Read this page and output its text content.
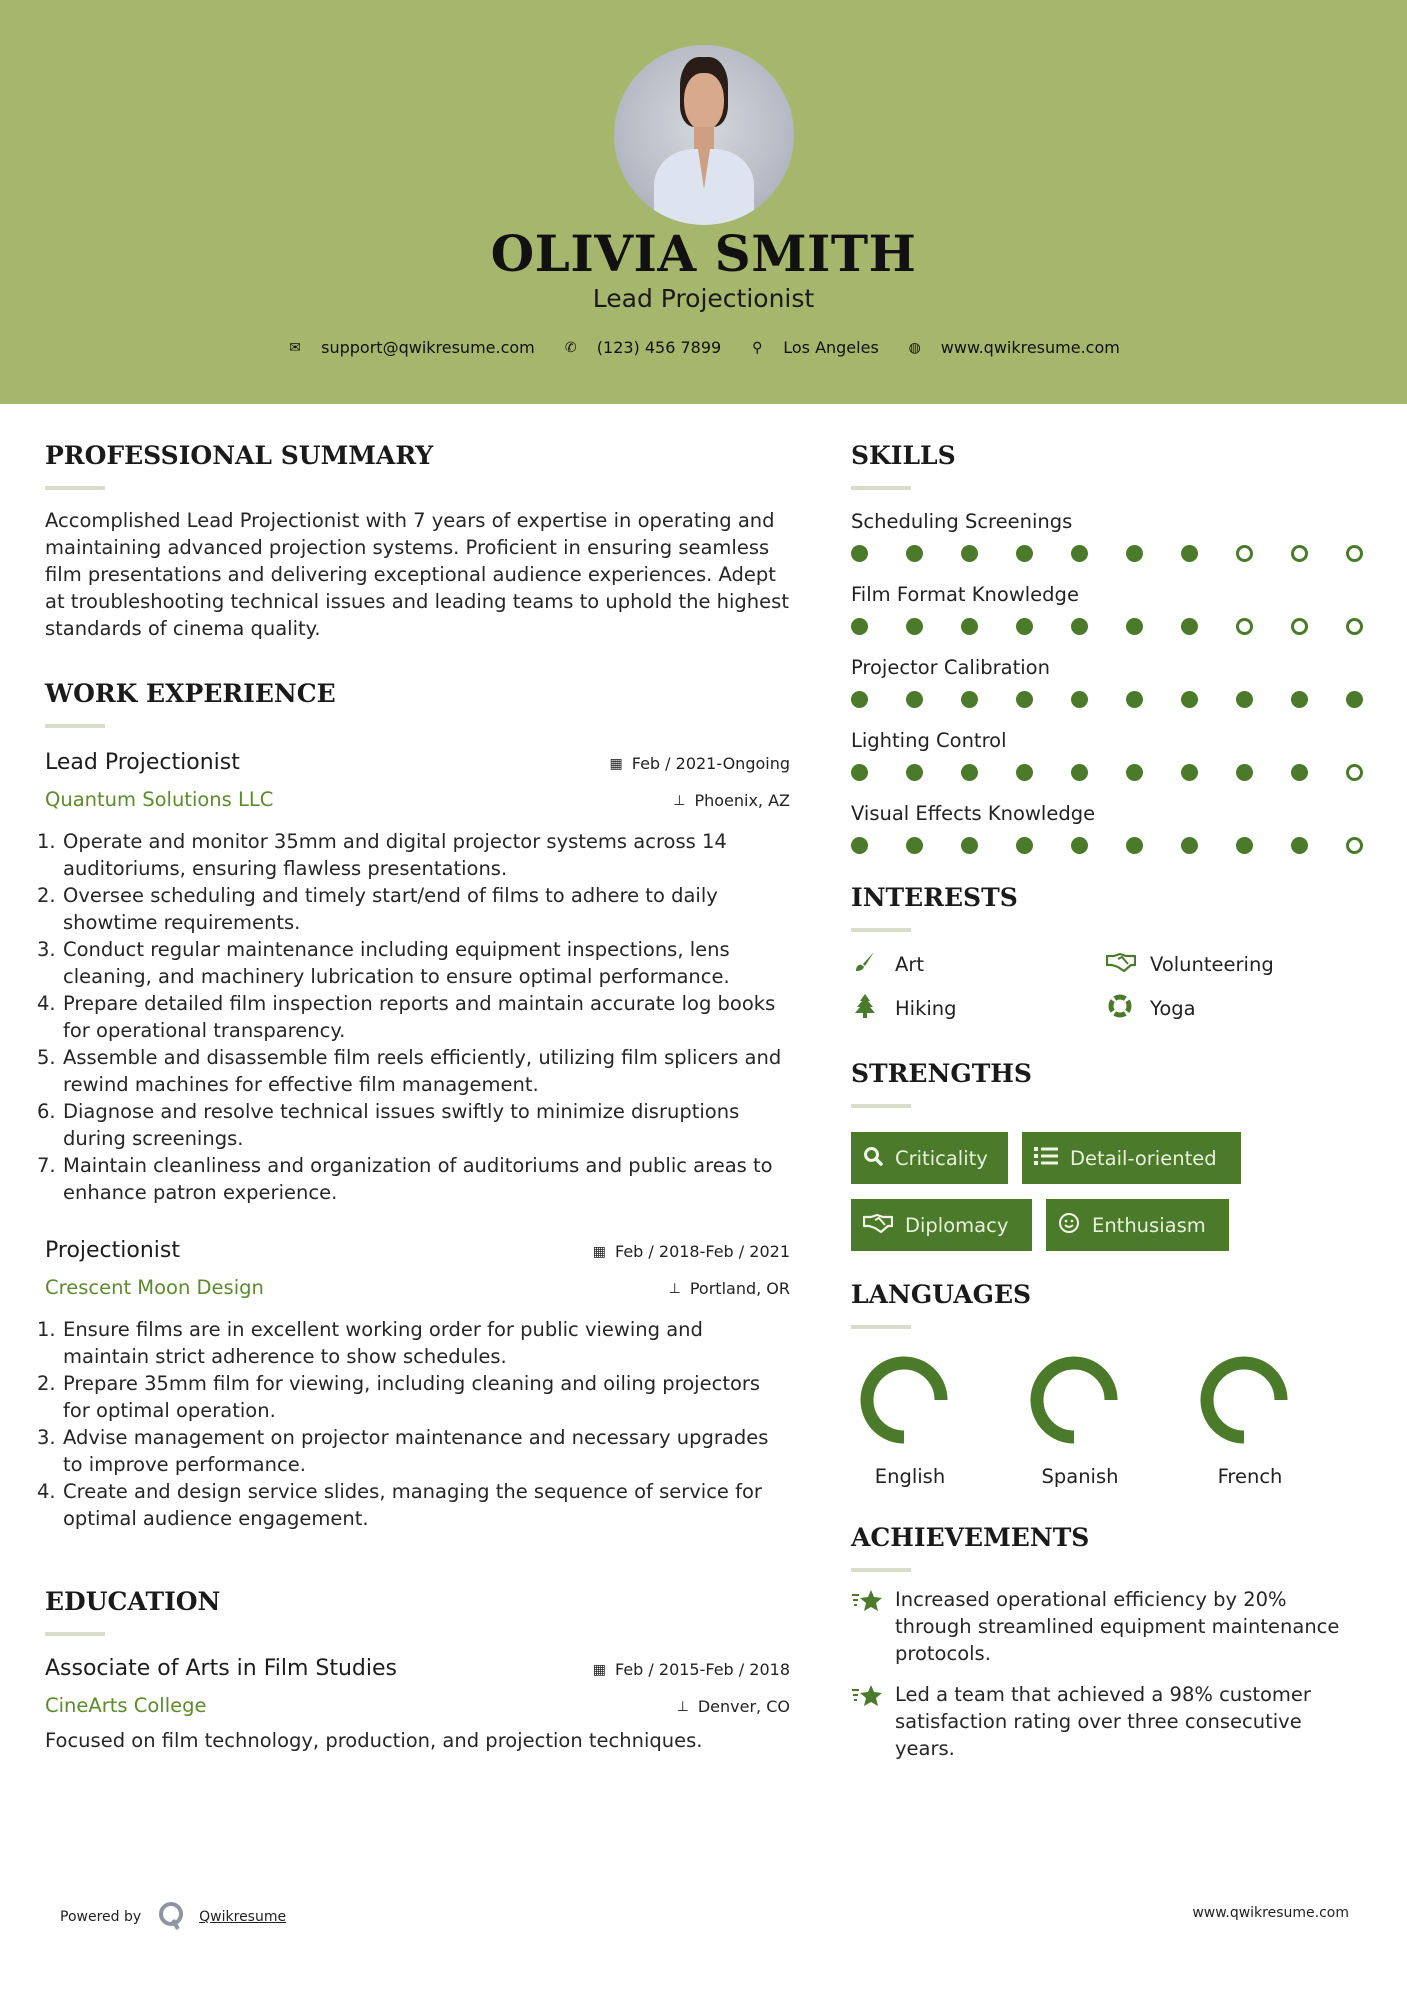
OLIVIA SMITH
Lead Projectionist
✉ support@qwikresume.com ✆ (123) 456 7899 ⚲ Los Angeles ◍ www.qwikresume.com
PROFESSIONAL SUMMARY

Accomplished Lead Projectionist with 7 years of expertise in operating and maintaining advanced projection systems. Proficient in ensuring seamless film presentations and delivering exceptional audience experiences. Adept at troubleshooting technical issues and leading teams to uphold the highest standards of cinema quality.

WORK EXPERIENCE
Lead Projectionist
Quantum Solutions LLC
▦ Feb / 2021-Ongoing
⊥ Phoenix, AZ
Operate and monitor 35mm and digital projector systems across 14 auditoriums, ensuring flawless presentations.
Oversee scheduling and timely start/end of films to adhere to daily showtime requirements.
Conduct regular maintenance including equipment inspections, lens cleaning, and machinery lubrication to ensure optimal performance.
Prepare detailed film inspection reports and maintain accurate log books for operational transparency.
Assemble and disassemble film reels efficiently, utilizing film splicers and rewind machines for effective film management.
Diagnose and resolve technical issues swiftly to minimize disruptions during screenings.
Maintain cleanliness and organization of auditoriums and public areas to enhance patron experience.
Projectionist
Crescent Moon Design
▦ Feb / 2018-Feb / 2021
⊥ Portland, OR
Ensure films are in excellent working order for public viewing and maintain strict adherence to show schedules.
Prepare 35mm film for viewing, including cleaning and oiling projectors for optimal operation.
Advise management on projector maintenance and necessary upgrades to improve performance.
Create and design service slides, managing the sequence of service for optimal audience engagement.
EDUCATION
Associate of Arts in Film Studies
CineArts College
▦ Feb / 2015-Feb / 2018
⊥ Denver, CO

Focused on film technology, production, and projection techniques.

SKILLS
Scheduling Screenings
Film Format Knowledge
Projector Calibration
Lighting Control
Visual Effects Knowledge
INTERESTS
Art	Volunteering
Hiking	Yoga
STRENGTHS
Criticality	Detail-oriented
Diplomacy	Enthusiasm
LANGUAGES
English	Spanish	French
ACHIEVEMENTS
Increased operational efficiency by 20% through streamlined equipment maintenance protocols.
Led a team that achieved a 98% customer satisfaction rating over three consecutive years.
Powered by	Qwikresume	www.qwikresume.com
